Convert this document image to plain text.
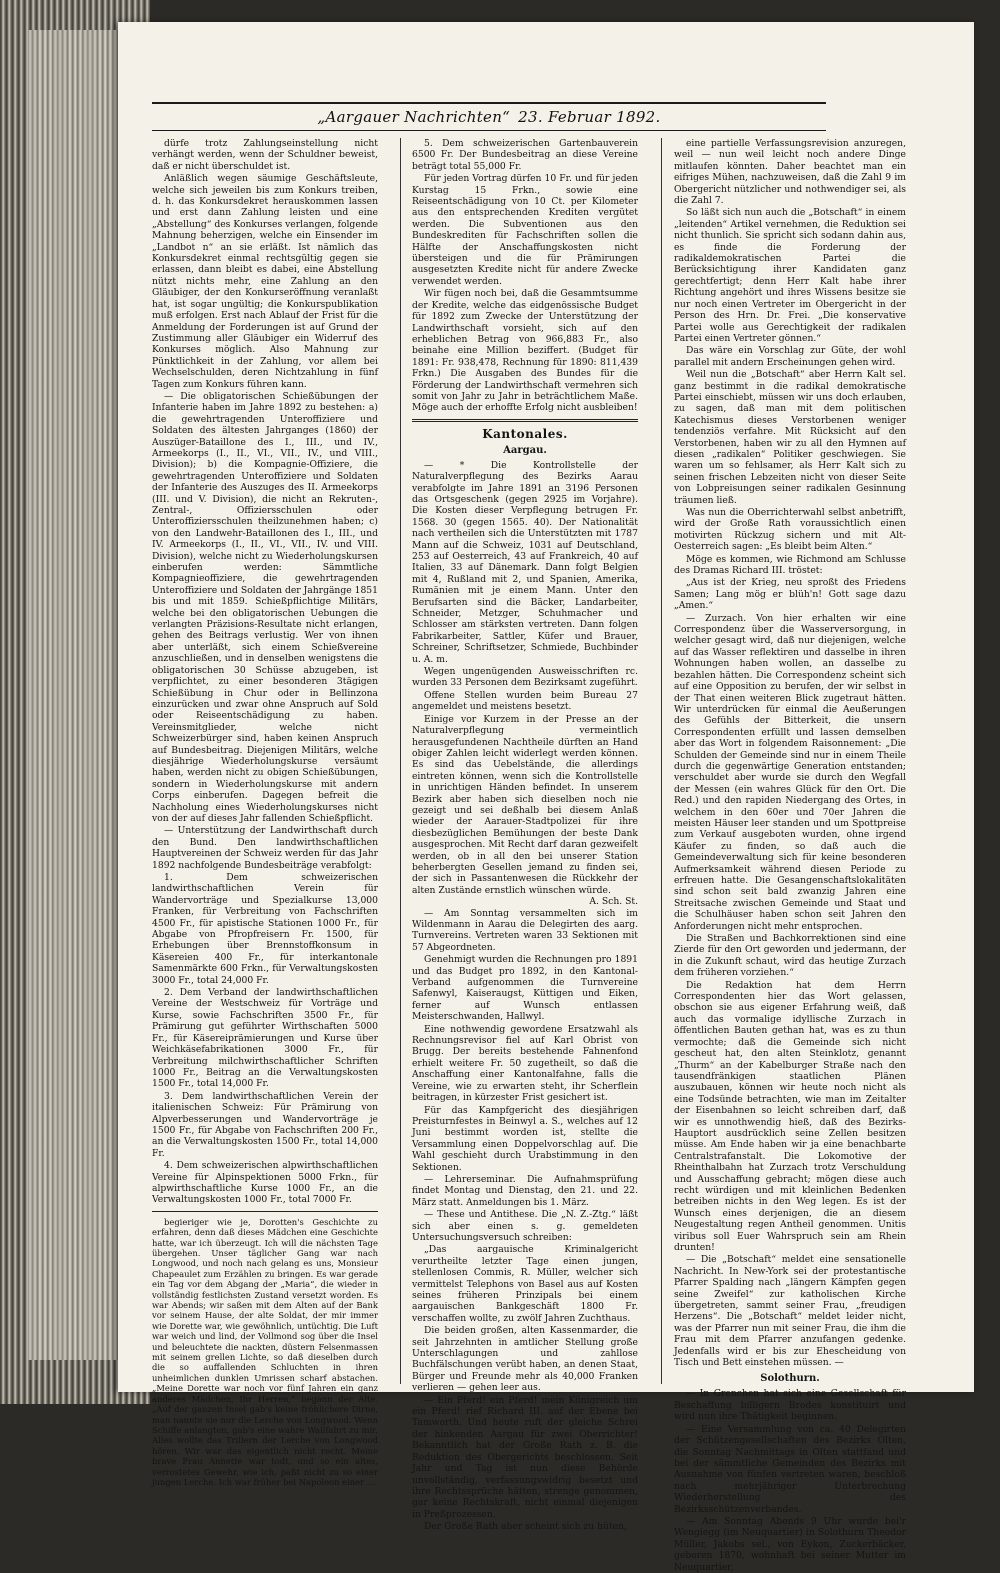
„Aargauer Nachrichten“ 23. Februar 1892.

dürfe trotz Zahlungseinstellung nicht verhängt werden, wenn der Schuldner beweist, daß er nicht überschuldet ist.

Anläßlich wegen säumige Geschäftsleute, welche sich jeweilen bis zum Konkurs treiben, d. h. das Konkursdekret herauskommen lassen und erst dann Zahlung leisten und eine „Abstellung“ des Konkurses verlangen, folgende Mahnung beherzigen, welche ein Einsender im „Landbot n“ an sie erläßt. Ist nämlich das Konkursdekret einmal rechtsgültig gegen sie erlassen, dann bleibt es dabei, eine Abstellung nützt nichts mehr, eine Zahlung an den Gläubiger, der den Konkurseröffnung veranlaßt hat, ist sogar ungültig; die Konkurspublikation muß erfolgen. Erst nach Ablauf der Frist für die Anmeldung der Forderungen ist auf Grund der Zustimmung aller Gläubiger ein Widerruf des Konkurses möglich. Also Mahnung zur Pünktlichkeit in der Zahlung, vor allem bei Wechselschulden, deren Nichtzahlung in fünf Tagen zum Konkurs führen kann.

— Die obligatorischen Schießübungen der Infanterie haben im Jahre 1892 zu bestehen: a) die gewehrtragenden Unteroffiziere und Soldaten des ältesten Jahrganges (1860) der Auszüger-Bataillone des I., III., und IV., Armeekorps (I., II., VI., VII., IV., und VIII., Division); b) die Kompagnie-Offiziere, die gewehrtragenden Unteroffiziere und Soldaten der Infanterie des Auszuges des II. Armeekorps (III. und V. Division), die nicht an Rekruten-, Zentral-, Offiziersschulen oder Unteroffiziersschulen theilzunehmen haben; c) von den Landwehr-Bataillonen des I., III., und IV. Armeekorps (I., II., VI., VII., IV. und VIII. Division), welche nicht zu Wiederholungskursen einberufen werden: Sämmtliche Kompagnieoffiziere, die gewehrtragenden Unteroffiziere und Soldaten der Jahrgänge 1851 bis und mit 1859. Schießpflichtige Militärs, welche bei den obligatorischen Uebungen die verlangten Präzisions-Resultate nicht erlangen, gehen des Beitrags verlustig. Wer von ihnen aber unterläßt, sich einem Schießvereine anzuschließen, und in denselben wenigstens die obligatorischen 30 Schüsse abzugeben, ist verpflichtet, zu einer besonderen 3tägigen Schießübung in Chur oder in Bellinzona einzurücken und zwar ohne Anspruch auf Sold oder Reiseentschädigung zu haben. Vereinsmitglieder, welche nicht Schweizerbürger sind, haben keinen Anspruch auf Bundesbeitrag. Diejenigen Militärs, welche diesjährige Wiederholungskurse versäumt haben, werden nicht zu obigen Schießübungen, sondern in Wiederholungskurse mit andern Corps einberufen. Dagegen befreit die Nachholung eines Wiederholungskurses nicht von der auf dieses Jahr fallenden Schießpflicht.

— Unterstützung der Landwirthschaft durch den Bund. Den landwirthschaftlichen Hauptvereinen der Schweiz werden für das Jahr 1892 nachfolgende Bundesbeiträge verabfolgt:

1. Dem schweizerischen landwirthschaftlichen Verein für Wandervorträge und Spezialkurse 13,000 Franken, für Verbreitung von Fachschriften 4500 Fr., für apistische Stationen 1000 Fr., für Abgabe von Pfropfreisern Fr. 1500, für Erhebungen über Brennstoffkonsum in Käsereien 400 Fr., für interkantonale Samenmärkte 600 Frkn., für Verwaltungskosten 3000 Fr., total 24,000 Fr.

2. Dem Verband der landwirthschaftlichen Vereine der Westschweiz für Vorträge und Kurse, sowie Fachschriften 3500 Fr., für Prämirung gut geführter Wirthschaften 5000 Fr., für Käsereiprämierungen und Kurse über Weichkäsefabrikationen 3000 Fr., für Verbreitung milchwirthschaftlicher Schriften 1000 Fr., Beitrag an die Verwaltungskosten 1500 Fr., total 14,000 Fr.

3. Dem landwirthschaftlichen Verein der italienischen Schweiz: Für Prämirung von Alpverbesserungen und Wandervorträge je 1500 Fr., für Abgabe von Fachschriften 200 Fr., an die Verwaltungskosten 1500 Fr., total 14,000 Fr.

4. Dem schweizerischen alpwirthschaftlichen Vereine für Alpinspektionen 5000 Frkn., für alpwirthschaftliche Kurse 1000 Fr., an die Verwaltungskosten 1000 Fr., total 7000 Fr.

begieriger wie je, Dorotten's Geschichte zu erfahren, denn daß dieses Mädchen eine Geschichte hatte, war ich überzeugt. Ich will die nächsten Tage übergehen. Unser täglicher Gang war nach Longwood, und noch nach gelang es uns, Monsieur Chapeaulet zum Erzählen zu bringen. Es war gerade ein Tag vor dem Abgang der „Maria“, die wieder in vollständig festlichsten Zustand versetzt worden. Es war Abends; wir saßen mit dem Alten auf der Bank vor seinem Hause, der alte Soldat, der mir immer wie Dorette war, wie gewöhnlich, untüchtig. Die Luft war weich und lind, der Vollmond sog über die Insel und beleuchtete die nackten, düstern Felsenmassen mit seinem grellen Lichte, so daß dieselben durch die so auffallenden Schluchten in ihren unheimlichen dunklen Umrissen scharf abstachen. „Meine Dorette war noch vor fünf Jahren ein ganz anderes Mädchen, Ihr Herren,“ begann der Alte. „Auf der ganzen Insel gab's keine fröhlichere Dirne, man nannte sie nur die Lerche von Longwood. Wenn Schiffe anlangten, gab's eine wahre Wallfahrt zu mir, Alles wollte das Trillern der Lerche von Longwood hören. Wir war das eigentlich nicht recht. Meine brave Frau Annette war todt, und so ein altes, verrostetes Gewehr, wie ich, paßt nicht zu so einer jungen Lerche. Ich war früher bei Napoleon einer ...

5. Dem schweizerischen Gartenbauverein 6500 Fr. Der Bundesbeitrag an diese Vereine beträgt total 55,000 Fr.

Für jeden Vortrag dürfen 10 Fr. und für jeden Kurstag 15 Frkn., sowie eine Reiseentschädigung von 10 Ct. per Kilometer aus den entsprechenden Krediten vergütet werden. Die Subventionen aus den Bundeskrediten für Fachschriften sollen die Hälfte der Anschaffungskosten nicht übersteigen und die für Prämirungen ausgesetzten Kredite nicht für andere Zwecke verwendet werden.

Wir fügen noch bei, daß die Gesammtsumme der Kredite, welche das eidgenössische Budget für 1892 zum Zwecke der Unterstützung der Landwirthschaft vorsieht, sich auf den erheblichen Betrag von 966,883 Fr., also beinahe eine Million beziffert. (Budget für 1891: Fr. 938,478, Rechnung für 1890: 811,439 Frkn.) Die Ausgaben des Bundes für die Förderung der Landwirthschaft vermehren sich somit von Jahr zu Jahr in beträchtlichem Maße. Möge auch der erhoffte Erfolg nicht ausbleiben!

Kantonales.
Aargau.

— * Die Kontrollstelle der Naturalverpflegung des Bezirks Aarau verabfolgte im Jahre 1891 an 3196 Personen das Ortsgeschenk (gegen 2925 im Vorjahre). Die Kosten dieser Verpflegung betrugen Fr. 1568. 30 (gegen 1565. 40). Der Nationalität nach vertheilen sich die Unterstützten mit 1787 Mann auf die Schweiz, 1031 auf Deutschland, 253 auf Oesterreich, 43 auf Frankreich, 40 auf Italien, 33 auf Dänemark. Dann folgt Belgien mit 4, Rußland mit 2, und Spanien, Amerika, Rumänien mit je einem Mann. Unter den Berufsarten sind die Bäcker, Landarbeiter, Schneider, Metzger, Schuhmacher und Schlosser am stärksten vertreten. Dann folgen Fabrikarbeiter, Sattler, Küfer und Brauer, Schreiner, Schriftsetzer, Schmiede, Buchbinder u. A. m.

Wegen ungenügenden Ausweisschriften rc. wurden 33 Personen dem Bezirksamt zugeführt.

Offene Stellen wurden beim Bureau 27 angemeldet und meistens besetzt.

Einige vor Kurzem in der Presse an der Naturalverpflegung vermeintlich herausgefundenen Nachtheile dürften an Hand obiger Zahlen leicht widerlegt werden können. Es sind das Uebelstände, die allerdings eintreten können, wenn sich die Kontrollstelle in unrichtigen Händen befindet. In unserem Bezirk aber haben sich dieselben noch nie gezeigt und sei deßhalb bei diesem Anlaß wieder der Aarauer-Stadtpolizei für ihre diesbezüglichen Bemühungen der beste Dank ausgesprochen. Mit Recht darf daran gezweifelt werden, ob in all den bei unserer Station beherbergten Gesellen jemand zu finden sei, der sich in Passantenwesen die Rückkehr der alten Zustände ernstlich wünschen würde.

A. Sch. St.

— Am Sonntag versammelten sich im Wildenmann in Aarau die Delegirten des aarg. Turnvereins. Vertreten waren 33 Sektionen mit 57 Abgeordneten.

Genehmigt wurden die Rechnungen pro 1891 und das Budget pro 1892, in den Kantonal-Verband aufgenommen die Turnvereine Safenwyl, Kaiseraugst, Küttigen und Eiken, ferner auf Wunsch entlassen Meisterschwanden, Hallwyl.

Eine nothwendig gewordene Ersatzwahl als Rechnungsrevisor fiel auf Karl Obrist von Brugg. Der bereits bestehende Fahnenfond erhielt weitere Fr. 50 zugetheilt, so daß die Anschaffung einer Kantonalfahne, falls die Vereine, wie zu erwarten steht, ihr Scherflein beitragen, in kürzester Frist gesichert ist.

Für das Kampfgericht des diesjährigen Preisturnfestes in Beinwyl a. S., welches auf 12 Juni bestimmt worden ist, stellte die Versammlung einen Doppelvorschlag auf. Die Wahl geschieht durch Urabstimmung in den Sektionen.

— Lehrerseminar. Die Aufnahmsprüfung findet Montag und Dienstag, den 21. und 22. März statt. Anmeldungen bis 1. März.

— These und Antithese. Die „N. Z.-Ztg.“ läßt sich aber einen s. g. gemeldeten Untersuchungsversuch schreiben:

„Das aargauische Kriminalgericht verurtheilte letzter Tage einen jungen, stellenlosen Commis, R. Müller, welcher sich vermittelst Telephons von Basel aus auf Kosten seines früheren Prinzipals bei einem aargauischen Bankgeschäft 1800 Fr. verschaffen wollte, zu zwölf Jahren Zuchthaus.

Die beiden großen, alten Kassenmarder, die seit Jahrzehnten in amtlicher Stellung große Unterschlagungen und zahllose Buchfälschungen verübt haben, an denen Staat, Bürger und Freunde mehr als 40,000 Franken verlieren — gehen leer aus.

— Ein Pferd! ein Pferd! mein Königreich um ein Pferd! rief Richard III. auf der Ebene bei Tamworth. Und heute ruft der gleiche Schrei der hinkenden Aargau für zwei Oberrichter! Bekanntlich hat der Große Rath z. B. die Reduktion des Obergerichts beschlossen. Seit Jahr und Tag ist nun diese Behörde unvollständig, verfassungswidrig besetzt und ihre Rechtssprüche hätten, strenge genommen, gar keine Rechtskraft, nicht einmal diejenigen in Preßprozessen.

Der Große Rath aber scheint sich zu hüten,

eine partielle Verfassungsrevision anzuregen, weil — nun weil leicht noch andere Dinge mitlaufen könnten. Daher beachtet man ein eifriges Mühen, nachzuweisen, daß die Zahl 9 im Obergericht nützlicher und nothwendiger sei, als die Zahl 7.

So läßt sich nun auch die „Botschaft“ in einem „leitenden“ Artikel vernehmen, die Reduktion sei nicht thunlich. Sie spricht sich sodann dahin aus, es finde die Forderung der radikaldemokratischen Partei die Berücksichtigung ihrer Kandidaten ganz gerechtfertigt; denn Herr Kalt habe ihrer Richtung angehört und ihres Wissens besitze sie nur noch einen Vertreter im Obergericht in der Person des Hrn. Dr. Frei. „Die konservative Partei wolle aus Gerechtigkeit der radikalen Partei einen Vertreter gönnen.“

Das wäre ein Vorschlag zur Güte, der wohl parallel mit andern Erscheinungen gehen wird.

Weil nun die „Botschaft“ aber Herrn Kalt sel. ganz bestimmt in die radikal demokratische Partei einschiebt, müssen wir uns doch erlauben, zu sagen, daß man mit dem politischen Katechismus dieses Verstorbenen weniger tendenziös verfahre. Mit Rücksicht auf den Verstorbenen, haben wir zu all den Hymnen auf diesen „radikalen“ Politiker geschwiegen. Sie waren um so fehlsamer, als Herr Kalt sich zu seinen frischen Lebzeiten nicht von dieser Seite von Lobpreisungen seiner radikalen Gesinnung träumen ließ.

Was nun die Oberrichterwahl selbst anbetrifft, wird der Große Rath voraussichtlich einen motivirten Rückzug sichern und mit Alt-Oesterreich sagen: „Es bleibt beim Alten.“

Möge es kommen, wie Richmond am Schlusse des Dramas Richard III. tröstet:

„Aus ist der Krieg, neu sproßt des Friedens Samen; Lang mög er blüh'n! Gott sage dazu „Amen.“

— Zurzach. Von hier erhalten wir eine Correspondenz über die Wasserversorgung, in welcher gesagt wird, daß nur diejenigen, welche auf das Wasser reflektiren und dasselbe in ihren Wohnungen haben wollen, an dasselbe zu bezahlen hätten. Die Correspondenz scheint sich auf eine Opposition zu berufen, der wir selbst in der That einen weiteren Blick zugetraut hätten. Wir unterdrücken für einmal die Aeußerungen des Gefühls der Bitterkeit, die unsern Correspondenten erfüllt und lassen demselben aber das Wort in folgendem Raisonnement: „Die Schulden der Gemeinde sind nur in einem Theile durch die gegenwärtige Generation entstanden; verschuldet aber wurde sie durch den Wegfall der Messen (ein wahres Glück für den Ort. Die Red.) und den rapiden Niedergang des Ortes, in welchem in den 60er und 70er Jahren die meisten Häuser leer standen und um Spottpreise zum Verkauf ausgeboten wurden, ohne irgend Käufer zu finden, so daß auch die Gemeindeverwaltung sich für keine besonderen Aufmerksamkeit während diesen Periode zu erfreuen hatte. Die Gesangenschaftslokalitäten sind schon seit bald zwanzig Jahren eine Streitsache zwischen Gemeinde und Staat und die Schulhäuser haben schon seit Jahren den Anforderungen nicht mehr entsprochen.

Die Straßen und Bachkorrektionen sind eine Zierde für den Ort geworden und jedermann, der in die Zukunft schaut, wird das heutige Zurzach dem früheren vorziehen.“

Die Redaktion hat dem Herrn Correspondenten hier das Wort gelassen, obschon sie aus eigener Erfahrung weiß, daß auch das vormalige idyllische Zurzach in öffentlichen Bauten gethan hat, was es zu thun vermochte; daß die Gemeinde sich nicht gescheut hat, den alten Steinklotz, genannt „Thurm“ an der Kabelburger Straße nach den tausendfränkigen staatlichen Plänen auszubauen, können wir heute noch nicht als eine Todsünde betrachten, wie man im Zeitalter der Eisenbahnen so leicht schreiben darf, daß wir es unnothwendig hieß, daß des Bezirks-Hauptort ausdrücklich seine Zellen besitzen müsse. Am Ende haben wir ja eine benachbarte Centralstrafanstalt. Die Lokomotive der Rheinthalbahn hat Zurzach trotz Verschuldung und Ausschaffung gebracht; mögen diese auch recht würdigen und mit kleinlichen Bedenken betreiben nichts in den Weg legen. Es ist der Wunsch eines derjenigen, die an diesem Neugestaltung regen Antheil genommen. Unitis viribus soll Euer Wahrspruch sein am Rhein drunten!

— Die „Botschaft“ meldet eine sensationelle Nachricht. In New-York sei der protestantische Pfarrer Spalding nach „längern Kämpfen gegen seine Zweifel“ zur katholischen Kirche übergetreten, sammt seiner Frau, „freudigen Herzens“. Die „Botschaft“ meldet leider nicht, was der Pfarrer nun mit seiner Frau, die ihm die Frau mit dem Pfarrer anzufangen gedenke. Jedenfalls wird er bis zur Ehescheidung von Tisch und Bett einstehen müssen. —

Solothurn.

— In Grenchen hat sich eine Gesellschaft für Beschaffung billigern Brodes konstituirt und wird nun ihre Thätigkeit beginnen.

— Eine Versammlung von ca. 40 Delegirten der Schützengesellschaften des Bezirks Olten, die Sonntag Nachmittags in Olten stattfand und bei der sämmtliche Gemeinden des Bezirks mit Ausnahme von fünfen vertreten waren, beschloß nach mehrjähriger Unterbrechung Wiederherstellung des Bezirksschützenverbandes.

— Am Sonntag Abends 9 Uhr wurde bei'r Wengiegg (im Neuquartier) in Solothurn Theodor Müller, Jakobs sel., von Eykon, Zuckerbäcker, geboren 1870, wohnhaft bei seiner Mutter im Neuquartier,
